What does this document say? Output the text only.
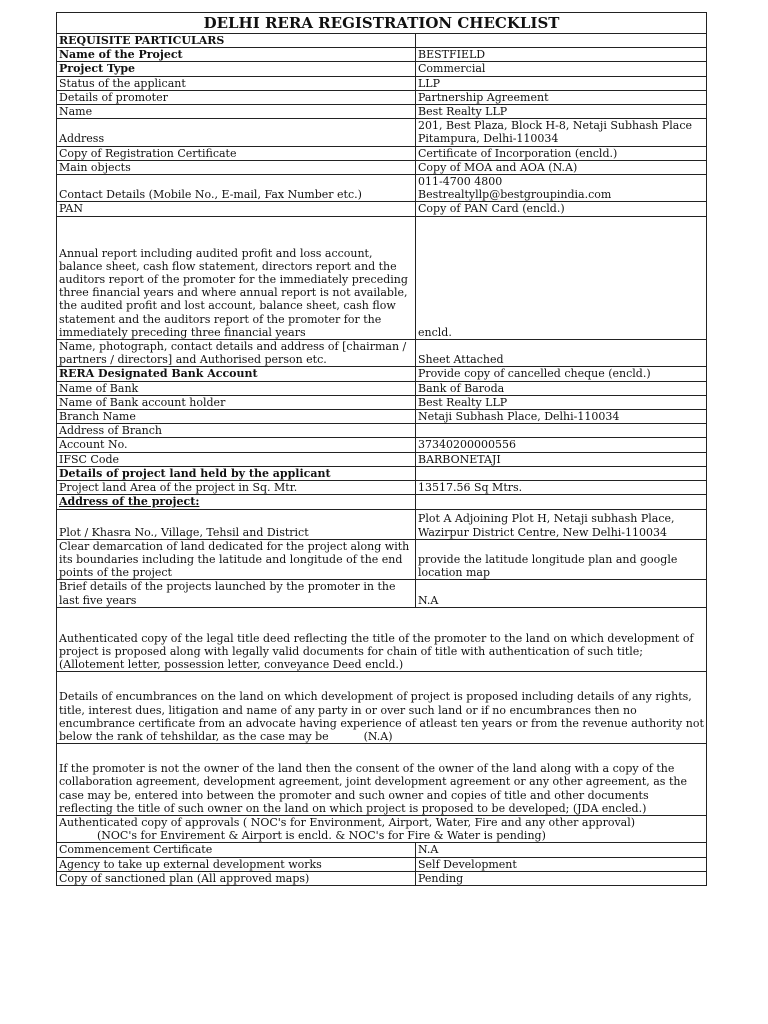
DELHI RERA REGISTRATION CHECKLIST	
REQUISITE PARTICULARS	
Name of the Project	BESTFIELD
Project Type	Commercial
Status of the applicant	LLP
Details of promoter	Partnership Agreement
Name	Best Realty LLP
Address	201, Best Plaza, Block H-8, Netaji Subhash Place Pitampura, Delhi-110034
Copy of Registration Certificate	Certificate of Incorporation (encld.)
Main objects	Copy of MOA and AOA (N.A)
Contact Details (Mobile No., E-mail, Fax Number etc.)	011-4700 4800
Bestrealtyllp@bestgroupindia.com

PAN	Copy of PAN Card (encld.)
Annual report including audited profit and loss account, balance sheet, cash flow statement, directors report and the auditors report of the promoter for the immediately preceding three financial years and where annual report is not available, the audited profit and lost account, balance sheet, cash flow statement and the auditors report of the promoter for the immediately preceding three financial years	encld.
Name, photograph, contact details and address of [chairman / partners / directors] and Authorised person etc.	Sheet Attached
RERA Designated Bank Account	Provide copy of cancelled cheque (encld.)
Name of Bank	Bank of Baroda
Name of Bank account holder	Best Realty LLP
Branch Name	Netaji Subhash Place, Delhi-110034
Address of Branch	
Account No.	37340200000556
IFSC Code	BARBONETAJI
Details of project land held by the applicant	
Project land Area of the project in Sq. Mtr.	13517.56 Sq Mtrs.
Address of the project:	
Plot / Khasra No., Village, Tehsil and District	Plot A Adjoining Plot H, Netaji subhash Place, Wazirpur District Centre, New Delhi-110034
Clear demarcation of land dedicated for the project along with its boundaries including the latitude and longitude of the end points of the project	provide the latitude longitude plan and google location map
Brief details of the projects launched by the promoter in the last five years	N.A
Authenticated copy of the legal title deed reflecting the title of the promoter to the land on which development of project is proposed along with legally valid documents for chain of title with authentication of such title;              (Allotement letter, possession letter, conveyance Deed encld.)	
Details of encumbrances on the land on which development of project is proposed including details of any rights, title, interest dues, litigation and name of any party in or over such land or if no encumbrances then no encumbrance certificate from an advocate having experience of atleast ten years or from the revenue authority not below the rank of tehshildar, as the case may be          (N.A)	
If the promoter is not the owner of the land then the consent of the owner of the land along with a copy of the collaboration agreement, development agreement, joint development agreement or any other agreement, as the case may be, entered into between the promoter and such owner and copies of title and other documents reflecting the title of such owner on the land on which project is proposed to be developed; (JDA encled.)	

Authenticated copy of approvals ( NOC's for Environment, Airport, Water, Fire and any other approval)
(NOC's for Envirement & Airport is encld. & NOC's for Fire & Water is pending)	

Commencement Certificate	N.A
Agency to take up external development works	Self Development
Copy of sanctioned plan (All approved maps)	Pending
